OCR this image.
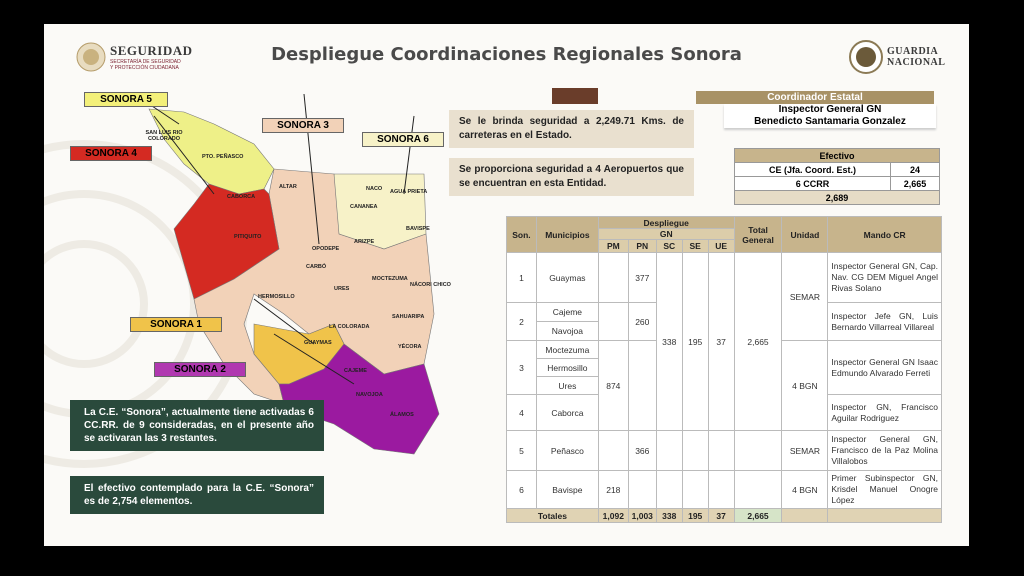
SEGURIDAD
SECRETARÍA DE SEGURIDAD
Y PROTECCIÓN CIUDADANA
Despliegue Coordinaciones Regionales Sonora	GUARDIA
NACIONAL
SAN LUIS RIO COLORADO
PTO. PEÑASCO
ALTAR
CABORCA
PITIQUITO
CARBÓ
OPODEPE
HERMOSILLO
ARIZPE
BAVISPE
NACO
CANANEA
AGUA PRIETA
URES
MOCTEZUMA
NÁCORI CHICO
SAHUARIPA
YÉCORA
LA COLORADA
GUAYMAS
CAJEME
NAVOJOA
ÁLAMOS
SONORA 5
SONORA 3
SONORA 6
SONORA 4
SONORA 1
SONORA 2
La C.E. “Sonora”, actualmente tiene activadas 6 CC.RR. de 9 consideradas, en el presente año se activaran las 3 restantes.
El efectivo contemplado para la C.E. “Sonora” es de 2,754 elementos.
Se le brinda seguridad a 2,249.71 Kms. de carreteras en el Estado.
Se proporciona seguridad a 4 Aeropuertos que se encuentran en esta Entidad.
Coordinador Estatal
Inspector General GN
Benedicto Santamaria Gonzalez
Efectivo	
CE (Jfa. Coord. Est.)	24
6 CCRR	2,665
2,689	
Son.	Municipios	Despliegue					Total General	Unidad	Mando CR
		GN							
		PM	PN	SC	SE	UE			
1	Guaymas		377	338	195	37	2,665	SEMAR	Inspector General GN, Cap. Nav. CG DEM Miguel Angel Rivas Solano
2	Cajeme		260						Inspector Jefe GN, Luis Bernardo Villarreal Villareal
	Navojoa								
3	Moctezuma	874						4 BGN	Inspector General GN Isaac Edmundo Alvarado Ferreti
	Hermosillo								
	Ures								
4	Caborca								Inspector GN, Francisco Aguilar Rodriguez
5	Peñasco		366					SEMAR	Inspector General GN, Francisco de la Paz Molina Villalobos
6	Bavispe	218						4 BGN	Primer Subinspector GN, Krisdel Manuel Onogre López
Totales		1,092	1,003	338	195	37	2,665		
